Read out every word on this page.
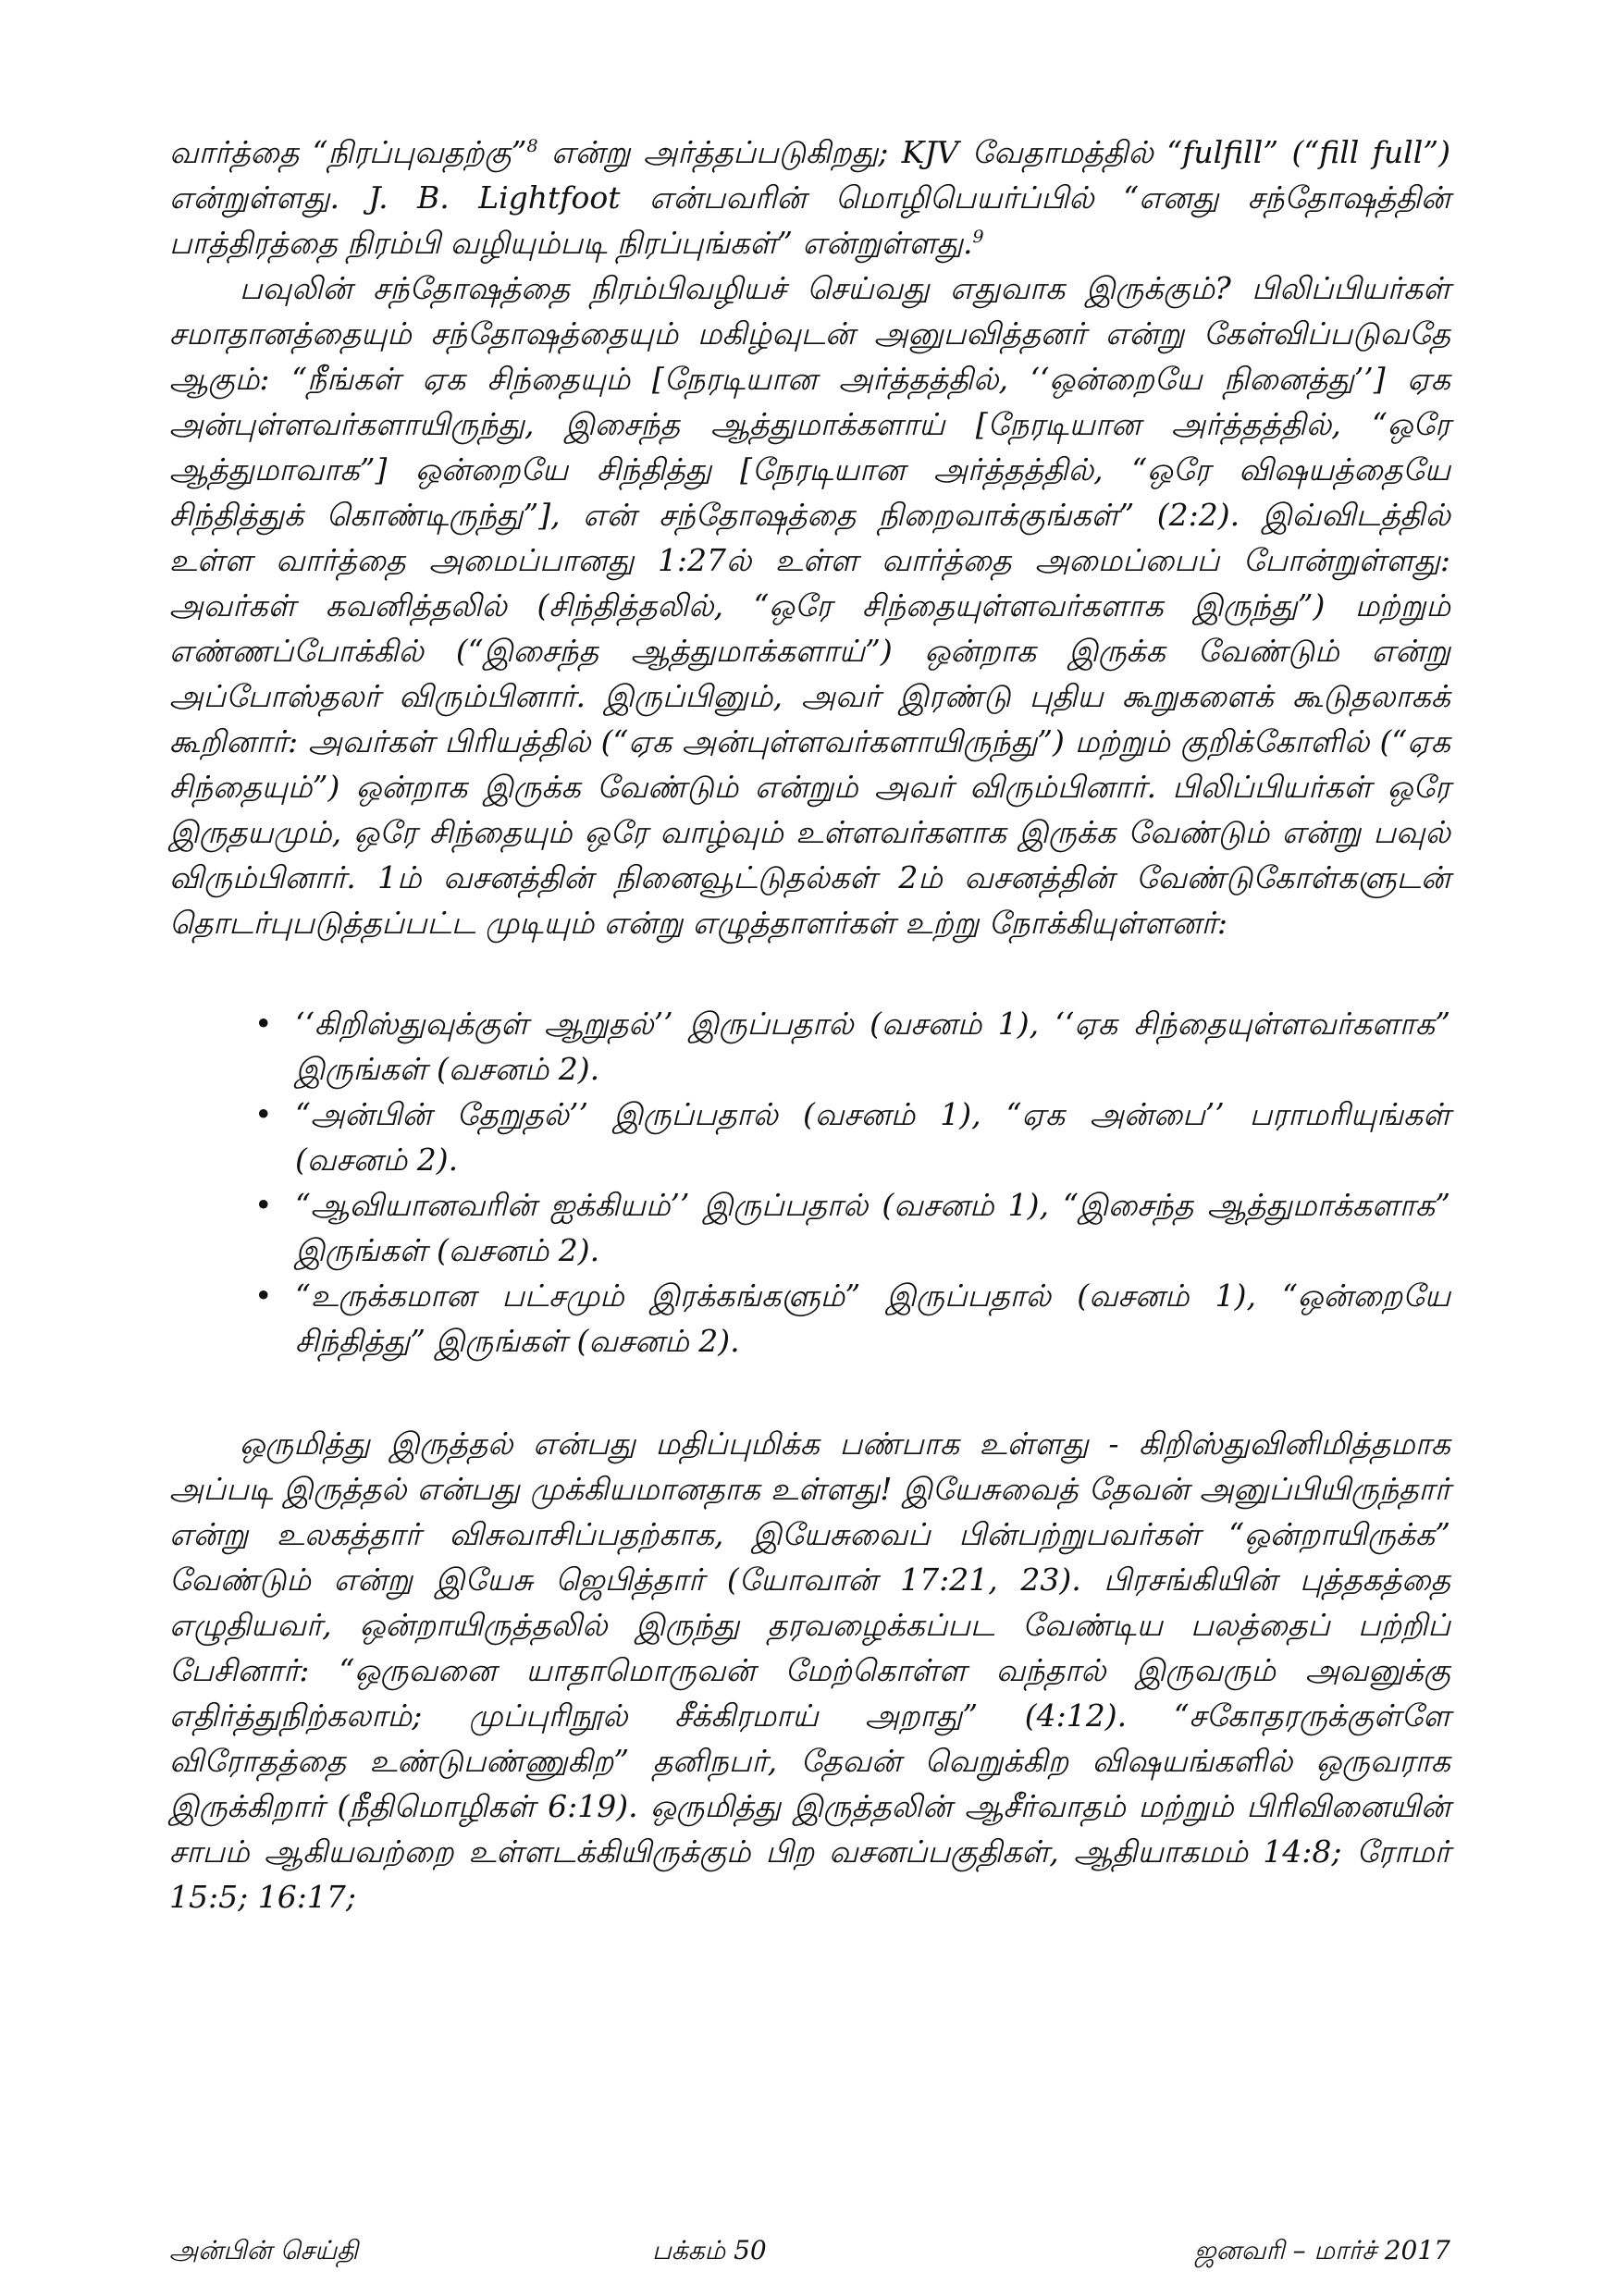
வார்த்தை “நிரப்புவதற்கு”$^8$ என்று அர்த்தப்படுகிறது; KJV வேதாமத்தில் “fulfill” (“fill full”) என்றுள்ளது. J. B. Lightfoot என்பவரின் மொழிபெயர்ப்பில் “எனது சந்தோஷத்தின் பாத்திரத்தை நிரம்பி வழியும்படி நிரப்புங்கள்” என்றுள்ளது.$^9$

பவுலின் சந்தோஷத்தை நிரம்பிவழியச் செய்வது எதுவாக இருக்கும்? பிலிப்பியர்கள் சமாதானத்தையும் சந்தோஷத்தையும் மகிழ்வுடன் அனுபவித்தனர் என்று கேள்விப்படுவதே ஆகும்: “நீங்கள் ஏக சிந்தையும் [நேரடியான அர்த்தத்தில், ‘‘ஒன்றையே நினைத்து’’] ஏக அன்புள்ளவர்களாயிருந்து, இசைந்த ஆத்துமாக்களாய் [நேரடியான அர்த்தத்தில், “ஒரே ஆத்துமாவாக”] ஒன்றையே சிந்தித்து [நேரடியான அர்த்தத்தில், “ஒரே விஷயத்தையே சிந்தித்துக் கொண்டிருந்து”], என் சந்தோஷத்தை நிறைவாக்குங்கள்” (2:2). இவ்விடத்தில் உள்ள வார்த்தை அமைப்பானது 1:27ல் உள்ள வார்த்தை அமைப்பைப் போன்றுள்ளது: அவர்கள் கவனித்தலில் (சிந்தித்தலில், “ஒரே சிந்தையுள்ளவர்களாக இருந்து”) மற்றும் எண்ணப்போக்கில் (“இசைந்த ஆத்துமாக்களாய்”) ஒன்றாக இருக்க வேண்டும் என்று அப்போஸ்தலர் விரும்பினார். இருப்பினும், அவர் இரண்டு புதிய கூறுகளைக் கூடுதலாகக் கூறினார்: அவர்கள் பிரியத்தில் (“ஏக அன்புள்ளவர்களாயிருந்து”) மற்றும் குறிக்கோளில் (“ஏக சிந்தையும்”) ஒன்றாக இருக்க வேண்டும் என்றும் அவர் விரும்பினார். பிலிப்பியர்கள் ஒரே இருதயமும், ஒரே சிந்தையும் ஒரே வாழ்வும் உள்ளவர்களாக இருக்க வேண்டும் என்று பவுல் விரும்பினார். 1ம் வசனத்தின் நினைவூட்டுதல்கள் 2ம் வசனத்தின் வேண்டுகோள்களுடன் தொடர்புபடுத்தப்பட்ட முடியும் என்று எழுத்தாளர்கள் உற்று நோக்கியுள்ளனர்:

• ‘‘கிறிஸ்துவுக்குள் ஆறுதல்’’ இருப்பதால் (வசனம் 1), ‘‘ஏக சிந்தையுள்ளவர்களாக” இருங்கள் (வசனம் 2).
• “அன்பின் தேறுதல்’’ இருப்பதால் (வசனம் 1), “ஏக அன்பை’’ பராமரியுங்கள் (வசனம் 2).
• “ஆவியானவரின் ஐக்கியம்’’ இருப்பதால் (வசனம் 1), “இசைந்த ஆத்துமாக்களாக” இருங்கள் (வசனம் 2).
• “உருக்கமான பட்சமும் இரக்கங்களும்” இருப்பதால் (வசனம் 1), “ஒன்றையே சிந்தித்து” இருங்கள் (வசனம் 2).

ஒருமித்து இருத்தல் என்பது மதிப்புமிக்க பண்பாக உள்ளது - கிறிஸ்துவினிமித்தமாக அப்படி இருத்தல் என்பது முக்கியமானதாக உள்ளது! இயேசுவைத் தேவன் அனுப்பியிருந்தார் என்று உலகத்தார் விசுவாசிப்பதற்காக, இயேசுவைப் பின்பற்றுபவர்கள் “ஒன்றாயிருக்க” வேண்டும் என்று இயேசு ஜெபித்தார் (யோவான் 17:21, 23). பிரசங்கியின் புத்தகத்தை எழுதியவர், ஒன்றாயிருத்தலில் இருந்து தரவழைக்கப்பட வேண்டிய பலத்தைப் பற்றிப் பேசினார்: “ஒருவனை யாதாமொருவன் மேற்கொள்ள வந்தால் இருவரும் அவனுக்கு எதிர்த்துநிற்கலாம்; முப்புரிநூல் சீக்கிரமாய் அறாது” (4:12). “சகோதரருக்குள்ளே விரோதத்தை உண்டுபண்ணுகிற” தனிநபர், தேவன் வெறுக்கிற விஷயங்களில் ஒருவராக இருக்கிறார் (நீதிமொழிகள் 6:19). ஒருமித்து இருத்தலின் ஆசீர்வாதம் மற்றும் பிரிவினையின் சாபம் ஆகியவற்றை உள்ளடக்கியிருக்கும் பிற வசனப்பகுதிகள், ஆதியாகமம் 14:8; ரோமர் 15:5; 16:17;

அன்பின் செய்தி	பக்கம் 50	ஜனவரி – மார்ச் 2017
